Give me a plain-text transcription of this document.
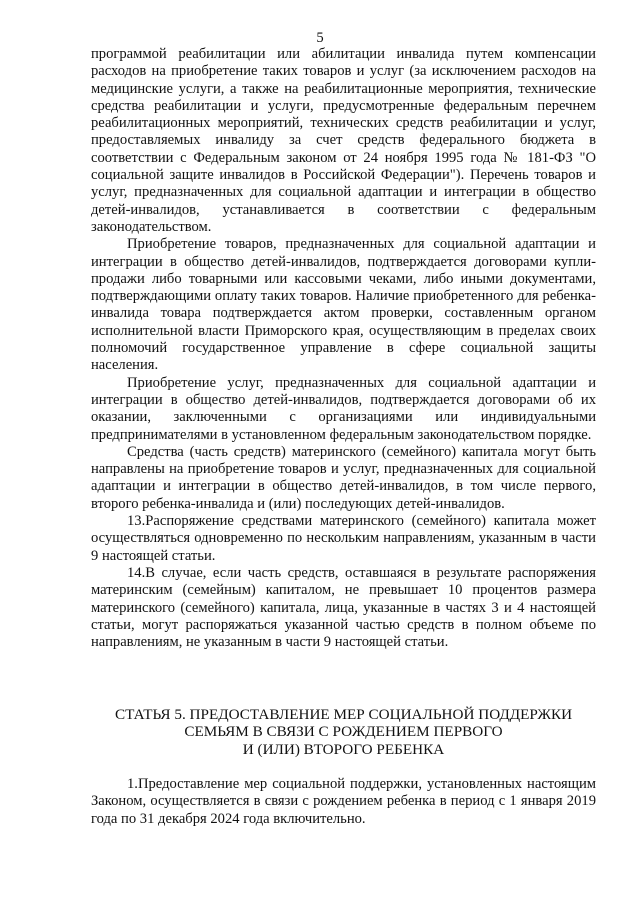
5

программой реабилитации или абилитации инвалида путем компенсации расходов на приобретение таких товаров и услуг (за исключением расходов на медицинские услуги, а также на реабилитационные мероприятия, технические средства реабилитации и услуги, предусмотренные федеральным перечнем реабилитационных мероприятий, технических средств реабилитации и услуг, предоставляемых инвалиду за счет средств федерального бюджета в соответствии с Федеральным законом от 24 ноября 1995 года № 181-ФЗ "О социальной защите инвалидов в Российской Федерации"). Перечень товаров и услуг, предназначенных для социальной адаптации и интеграции в общество детей-инвалидов, устанавливается в соответствии с федеральным законодательством.

Приобретение товаров, предназначенных для социальной адаптации и интеграции в общество детей-инвалидов, подтверждается договорами купли-продажи либо товарными или кассовыми чеками, либо иными документами, подтверждающими оплату таких товаров. Наличие приобретенного для ребенка-инвалида товара подтверждается актом проверки, составленным органом исполнительной власти Приморского края, осуществляющим в пределах своих полномочий государственное управление в сфере социальной защиты населения.

Приобретение услуг, предназначенных для социальной адаптации и интеграции в общество детей-инвалидов, подтверждается договорами об их оказании, заключенными с организациями или индивидуальными предпринимателями в установленном федеральным законодательством порядке.

Средства (часть средств) материнского (семейного) капитала могут быть направлены на приобретение товаров и услуг, предназначенных для социальной адаптации и интеграции в общество детей-инвалидов, в том числе первого, второго ребенка-инвалида и (или) последующих детей-инвалидов.

13.Распоряжение средствами материнского (семейного) капитала может осуществляться одновременно по нескольким направлениям, указанным в части 9 настоящей статьи.

14.В случае, если часть средств, оставшаяся в результате распоряжения материнским (семейным) капиталом, не превышает 10 процентов размера материнского (семейного) капитала, лица, указанные в частях 3 и 4 настоящей статьи, могут распоряжаться указанной частью средств в полном объеме по направлениям, не указанным в части 9 настоящей статьи.

СТАТЬЯ 5. ПРЕДОСТАВЛЕНИЕ МЕР СОЦИАЛЬНОЙ ПОДДЕРЖКИ
СЕМЬЯМ В СВЯЗИ С РОЖДЕНИЕМ ПЕРВОГО
И (ИЛИ) ВТОРОГО РЕБЕНКА

1.Предоставление мер социальной поддержки, установленных настоящим Законом, осуществляется в связи с рождением ребенка в период с 1 января 2019 года по 31 декабря 2024 года включительно.
